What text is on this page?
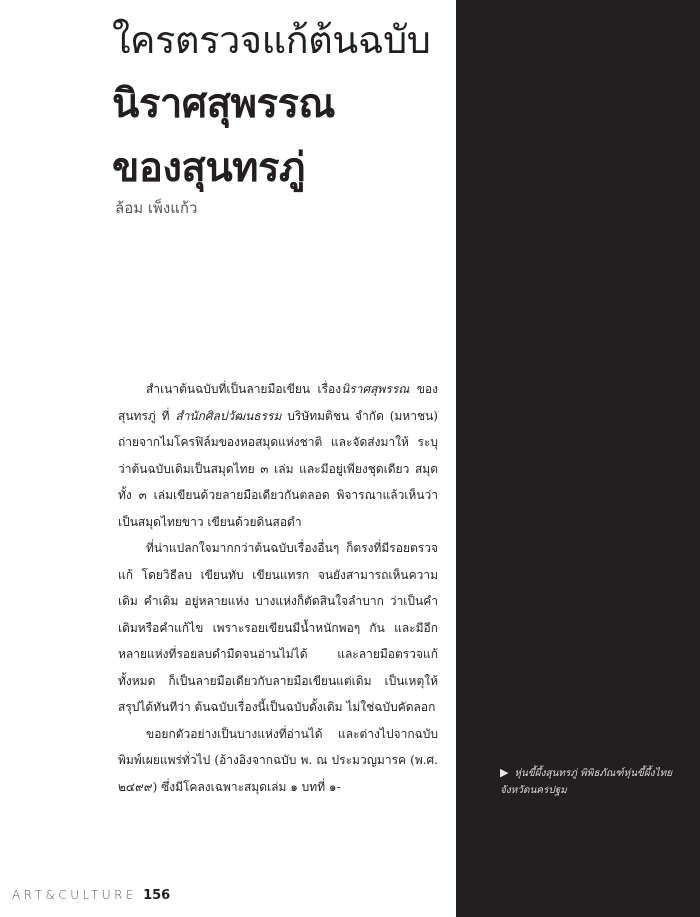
ใครตรวจแก้ต้นฉบับ
นิราศสุพรรณ
ของสุนทรภู่
ล้อม เพ็งแก้ว

สำเนาต้นฉบับที่เป็นลายมือเขียน เรื่องนิราศสุพรรณ ของสุนทรภู่ ที่ สำนักศิลปวัฒนธรรม บริษัทมติชน จำกัด (มหาชน) ถ่ายจากไมโครฟิล์มของหอสมุดแห่งชาติ และจัดส่งมาให้ ระบุว่าต้นฉบับเดิมเป็นสมุดไทย ๓ เล่ม และมีอยู่เพียงชุดเดียว สมุดทั้ง ๓ เล่มเขียนด้วยลายมือเดียวกันตลอด พิจารณาแล้วเห็นว่าเป็นสมุดไทยขาว เขียนด้วยดินสอดำ

ที่น่าแปลกใจมากกว่าต้นฉบับเรื่องอื่นๆ ก็ตรงที่มีรอยตรวจแก้ โดยวิธีลบ เขียนทับ เขียนแทรก จนยังสามารถเห็นความเดิม คำเดิม อยู่หลายแห่ง บางแห่งก็ตัดสินใจลำบาก ว่าเป็นคำเดิมหรือคำแก้ไข เพราะรอยเขียนมีน้ำหนักพอๆ กัน และมีอีกหลายแห่งที่รอยลบดำมืดจนอ่านไม่ได้ และลายมือตรวจแก้ทั้งหมด ก็เป็นลายมือเดียวกับลายมือเขียนแต่เดิม เป็นเหตุให้สรุปได้ทันทีว่า ต้นฉบับเรื่องนี้เป็นฉบับดั้งเดิม ไม่ใช่ฉบับคัดลอก

ขอยกตัวอย่างเป็นบางแห่งที่อ่านได้ และต่างไปจากฉบับพิมพ์เผยแพร่ทั่วไป (อ้างอิงจากฉบับ พ. ณ ประมวญมารค (พ.ศ. ๒๔๙๙) ซึ่งมีโคลงเฉพาะสมุดเล่ม ๑ บทที่ ๑-

▶ หุ่นขี้ผึ้งสุนทรภู่ พิพิธภัณฑ์หุ่นขี้ผึ้งไทย จังหวัดนครปฐม
ART&CULTURE 156
